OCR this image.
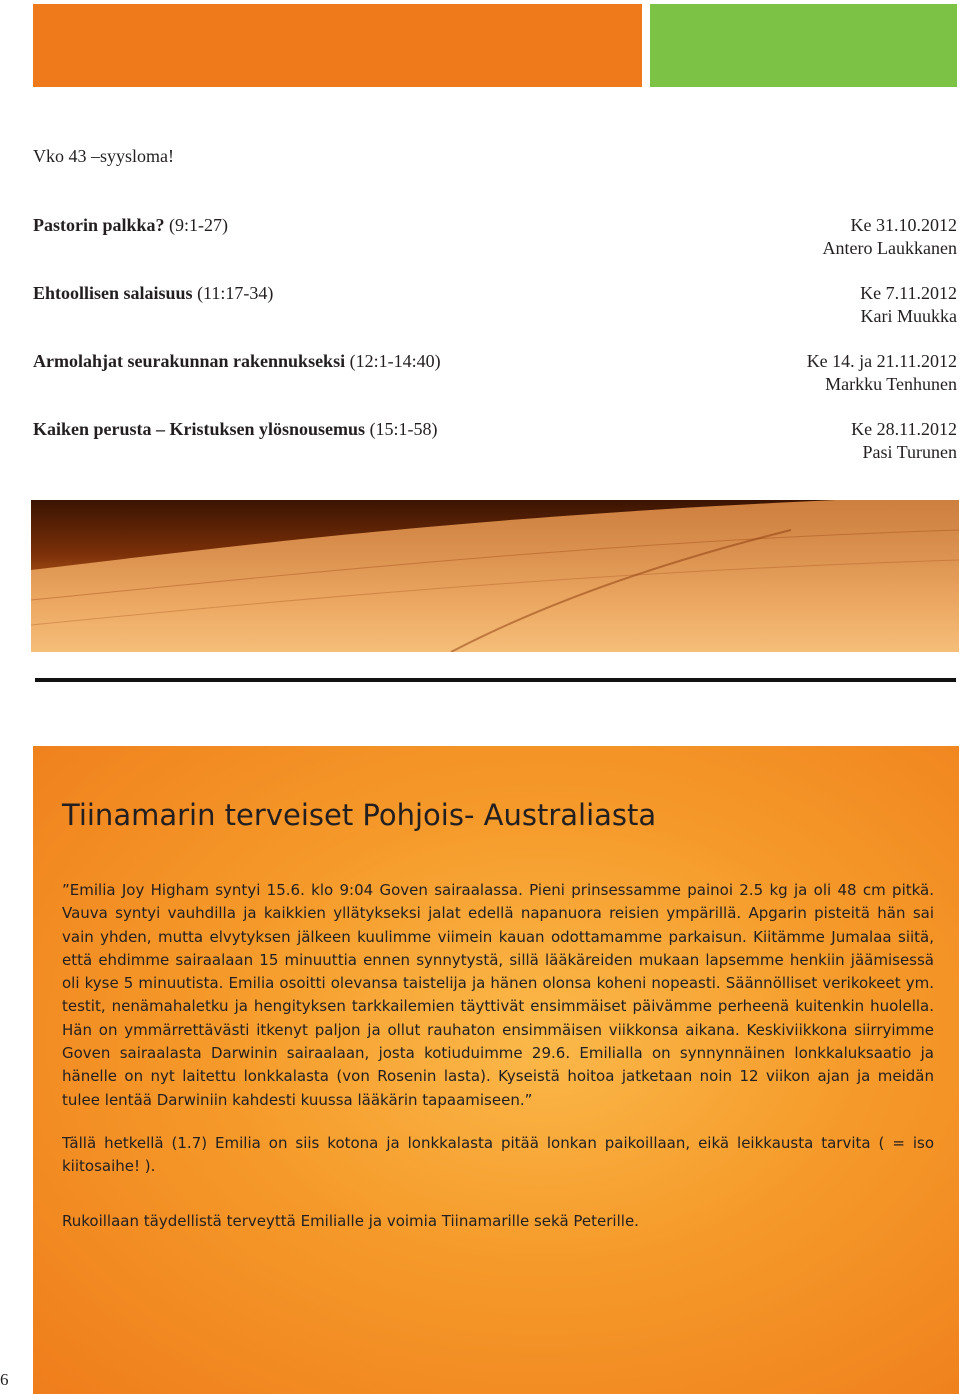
Vko 43 –syysloma!
Pastorin palkka? (9:1-27)	Ke 31.10.2012
Antero Laukkanen
Ehtoollisen salaisuus (11:17-34)	Ke 7.11.2012
Kari Muukka
Armolahjat seurakunnan rakennukseksi (12:1-14:40)	Ke 14. ja 21.11.2012
Markku Tenhunen
Kaiken perusta – Kristuksen ylösnousemus (15:1-58)	Ke 28.11.2012
Pasi Turunen
Tiinamarin terveiset Pohjois- Australiasta

”Emilia Joy Higham syntyi 15.6. klo 9:04 Goven sairaalassa. Pieni prinsessamme painoi 2.5 kg ja oli 48 cm pitkä. Vauva syntyi vauhdilla ja kaikkien yllätykseksi jalat edellä napanuora reisien ympärillä. Apgarin pisteitä hän sai vain yhden, mutta elvytyksen jälkeen kuulimme viimein kauan odottamamme parkaisun. Kiitämme Jumalaa siitä, että ehdimme sairaalaan 15 minuuttia ennen synnytystä, sillä lääkäreiden mukaan lapsemme henkiin jäämisessä oli kyse 5 minuutista. Emilia osoitti olevansa taistelija ja hänen olonsa koheni nopeasti. Säännölliset verikokeet ym. testit, nenämahaletku ja hengityksen tarkkailemien täyttivät ensimmäiset päivämme perheenä kuitenkin huolella. Hän on ymmärrettävästi itkenyt paljon ja ollut rauhaton ensimmäisen viikkonsa aikana. Keskiviikkona siirryimme Goven sairaalasta Darwinin sairaalaan, josta kotiuduimme 29.6. Emilialla on synnynnäinen lonkkaluksaatio ja hänelle on nyt laitettu lonkkalasta (von Rosenin lasta). Kyseistä hoitoa jatketaan noin 12 viikon ajan ja meidän tulee lentää Darwiniin kahdesti kuussa lääkärin tapaamiseen.”

Tällä hetkellä (1.7) Emilia on siis kotona ja lonkkalasta pitää lonkan paikoillaan, eikä leikkausta tarvita ( = iso kiitosaihe! ).

Rukoillaan täydellistä terveyttä Emilialle ja voimia Tiinamarille sekä Peterille.

6
